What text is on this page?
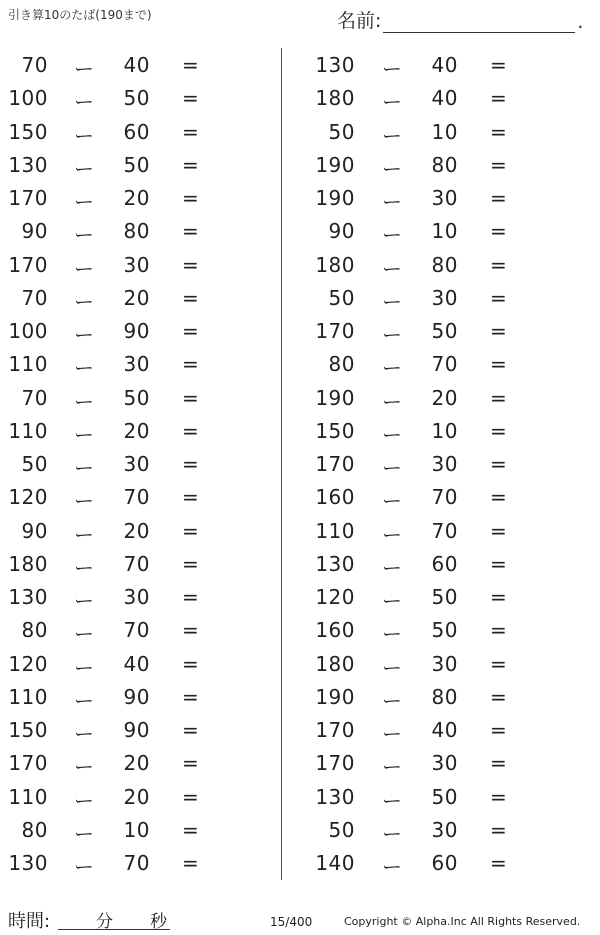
引き算10のたば(190まで)	名前:	.
70 ー	40 =
100 ー	50 =
150 ー	60 =
130 ー	50 =
170 ー	20 =
90 ー	80 =
170 ー	30 =
70 ー	20 =
100 ー	90 =
110 ー	30 =
70 ー	50 =
110 ー	20 =
50 ー	30 =
120 ー	70 =
90 ー	20 =
180 ー	70 =
130 ー	30 =
80 ー	70 =
120 ー	40 =
110 ー	90 =
150 ー	90 =
170 ー	20 =
110 ー	20 =
80 ー	10 =
130 ー	70 =
130 ー	40 =
180 ー	40 =
50 ー	10 =
190 ー	80 =
190 ー	30 =
90 ー	10 =
180 ー	80 =
50 ー	30 =
170 ー	50 =
80 ー	70 =
190 ー	20 =
150 ー	10 =
170 ー	30 =
160 ー	70 =
110 ー	70 =
130 ー	60 =
120 ー	50 =
160 ー	50 =
180 ー	30 =
190 ー	80 =
170 ー	40 =
170 ー	30 =
130 ー	50 =
50 ー	30 =
140 ー	60 =
時間:	分 秒	15/400	Copyright © Alpha.Inc All Rights Reserved.
